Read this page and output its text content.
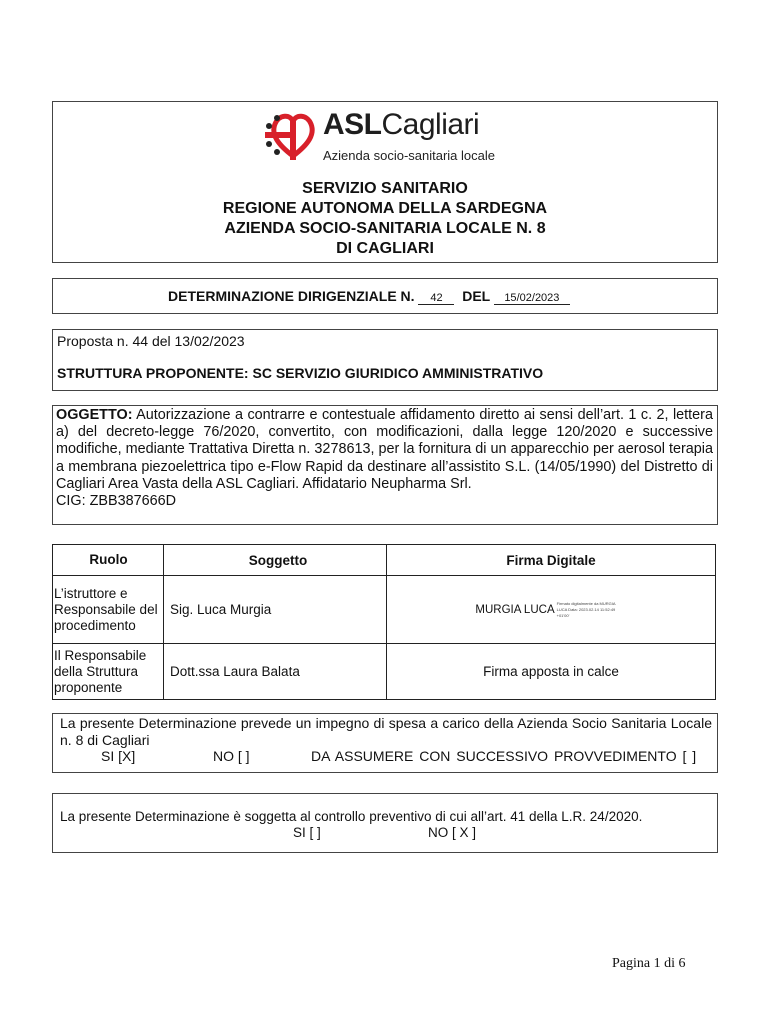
ASLCagliari
Azienda socio-sanitaria locale
SERVIZIO SANITARIO
REGIONE AUTONOMA DELLA SARDEGNA
AZIENDA SOCIO-SANITARIA LOCALE N. 8
DI CAGLIARI
DETERMINAZIONE DIRIGENZIALE N. 42 DEL 15/02/2023
Proposta n. 44 del 13/02/2023
STRUTTURA PROPONENTE: SC SERVIZIO GIURIDICO AMMINISTRATIVO
OGGETTO: Autorizzazione a contrarre e contestuale affidamento diretto ai sensi dell’art. 1 c. 2, lettera a) del decreto-legge 76/2020, convertito, con modificazioni, dalla legge 120/2020 e successive modifiche, mediante Trattativa Diretta n. 3278613, per la fornitura di un apparecchio per aerosol terapia a membrana piezoelettrica tipo e-Flow Rapid da destinare all’assistito S.L. (14/05/1990) del Distretto di Cagliari Area Vasta della ASL Cagliari. Affidatario Neupharma Srl.
CIG: ZBB387666D
Ruolo	Soggetto	Firma Digitale
L’istruttore e Responsabile del procedimento	Sig. Luca Murgia	MURGIA LUCA
Firmato digitalmente da MURGIA LUCA Data: 2023.02.14 11:52:49 +01'00'

Il Responsabile della Struttura proponente	Dott.ssa Laura Balata	Firma apposta in calce
La presente Determinazione prevede un impegno di spesa a carico della Azienda Socio Sanitaria Locale n. 8 di Cagliari
SI [X]	NO [ ]	DA ASSUMERE CON SUCCESSIVO PROVVEDIMENTO [ ]
La presente Determinazione è soggetta al controllo preventivo di cui all’art. 41 della L.R. 24/2020.
SI [ ]	NO [ X ]
Pagina 1 di 6
